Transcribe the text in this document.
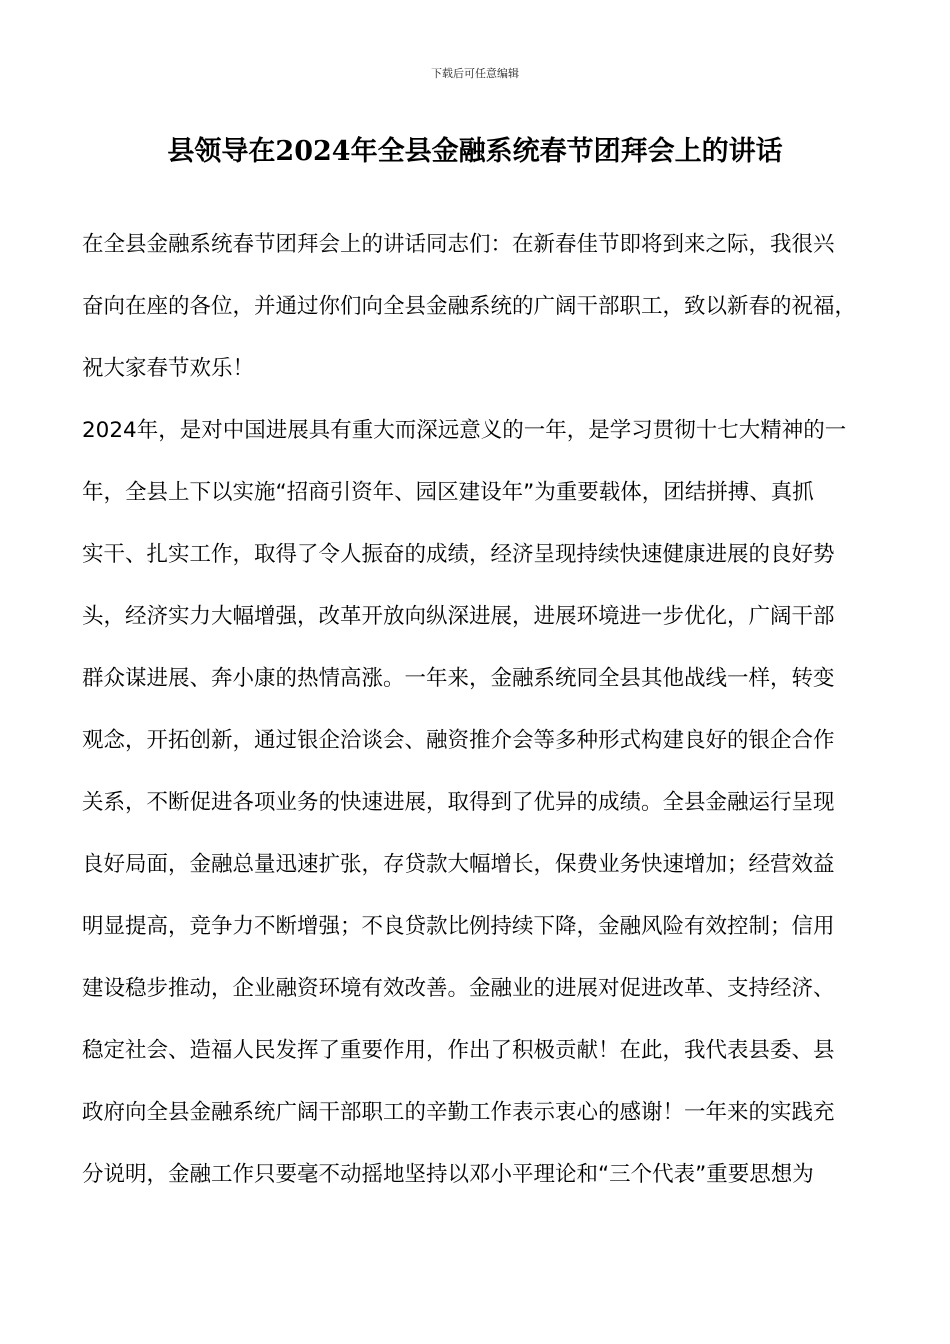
下载后可任意编辑
县领导在2024年全县金融系统春节团拜会上的讲话
在全县金融系统春节团拜会上的讲话同志们：在新春佳节即将到来之际，我很兴
奋向在座的各位，并通过你们向全县金融系统的广阔干部职工，致以新春的祝福，
祝大家春节欢乐！
2024年，是对中国进展具有重大而深远意义的一年，是学习贯彻十七大精神的一
年，全县上下以实施“招商引资年、园区建设年”为重要载体，团结拼搏、真抓
实干、扎实工作，取得了令人振奋的成绩，经济呈现持续快速健康进展的良好势
头，经济实力大幅增强，改革开放向纵深进展，进展环境进一步优化，广阔干部
群众谋进展、奔小康的热情高涨。一年来，金融系统同全县其他战线一样，转变
观念，开拓创新，通过银企洽谈会、融资推介会等多种形式构建良好的银企合作
关系，不断促进各项业务的快速进展，取得到了优异的成绩。全县金融运行呈现
良好局面，金融总量迅速扩张，存贷款大幅增长，保费业务快速增加；经营效益
明显提高，竞争力不断增强；不良贷款比例持续下降，金融风险有效控制；信用
建设稳步推动，企业融资环境有效改善。金融业的进展对促进改革、支持经济、
稳定社会、造福人民发挥了重要作用，作出了积极贡献！在此，我代表县委、县
政府向全县金融系统广阔干部职工的辛勤工作表示衷心的感谢！一年来的实践充
分说明，金融工作只要毫不动摇地坚持以邓小平理论和“三个代表”重要思想为
